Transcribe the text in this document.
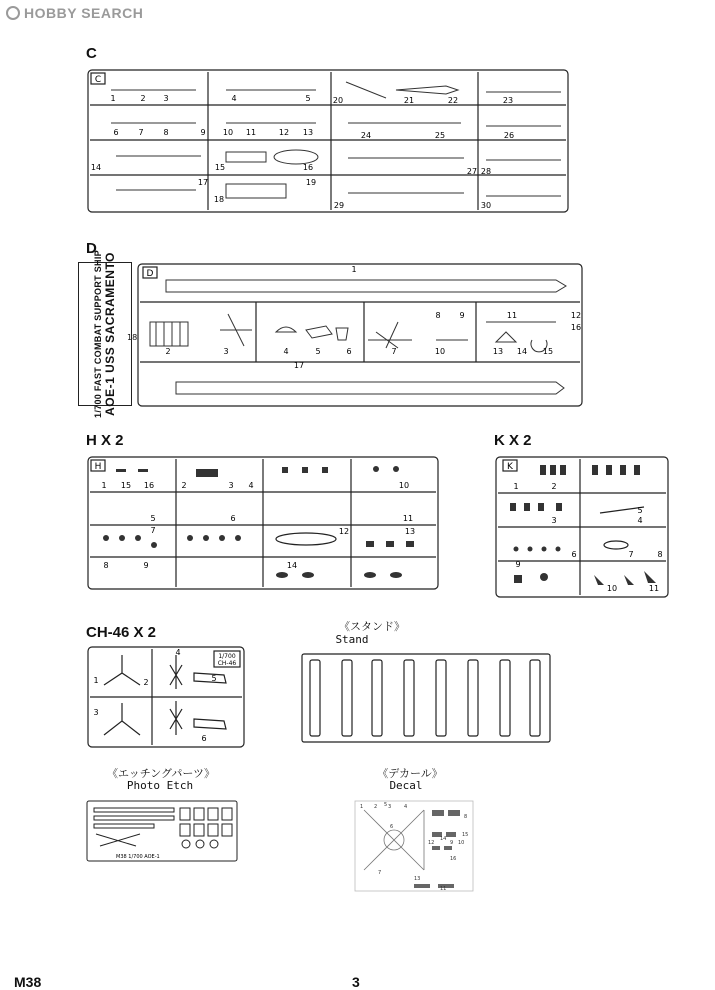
HOBBY SEARCH
C
C
1	2 3	4	5
6 7 8	9 10 11	12 13
14	15	16
17
18
19
20	21	22	23
24	25	26
27 28
29	30
D
1/700 FAST COMBAT SUPPORT SHIP AOE-1 USS SACRAMENTO	D	1
2	3	4	5	6	7
8 9
10
11	12
13 14 15
16
17
18
H X 2
H
1	2	3 4
5	6
7
8	9
10
11
12	13
14
15 16
K X 2
K
1	2
3	4
5
6	7	8
9
10	11
CH-46 X 2
1/700
CH-46
1	2
3
4
5
6
《スタンド》
Stand
《エッチングパーツ》
Photo Etch
M38 1/700 AOE-1
《デカール》
Decal
1 2 3	4
5
6
7
8
9 10
11
12
13
14
15
16
M38	3
